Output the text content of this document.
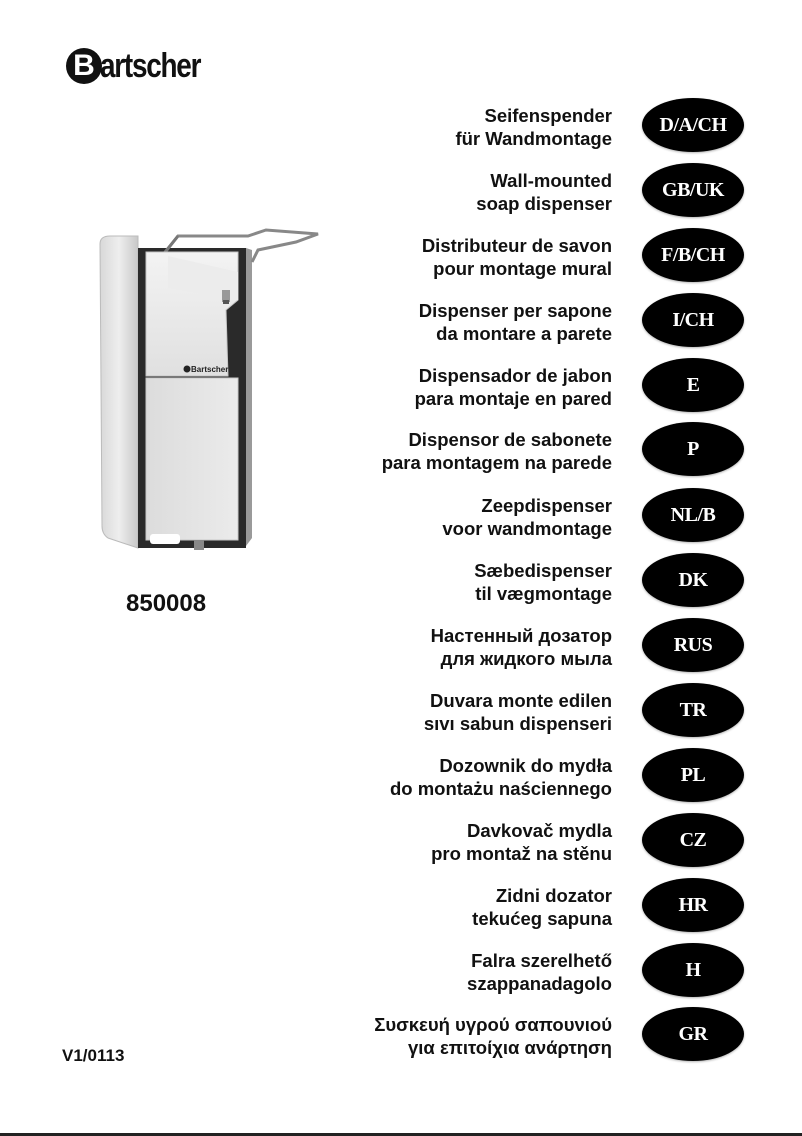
B artscher
Bartscher
850008
Seifenspender
für Wandmontage
D/A/CH
Wall-mounted
soap dispenser
GB/UK
Distributeur de savon
pour montage mural
F/B/CH
Dispenser per sapone
da montare a parete
I/CH
Dispensador de jabon
para montaje en pared
E
Dispensor de sabonete
para montagem na parede
P
Zeepdispenser
voor wandmontage
NL/B
Sæbedispenser
til vægmontage
DK
Настенный дозатор
для жидкого мыла
RUS
Duvara monte edilen
sıvı sabun dispenseri
TR
Dozownik do mydła
do montażu naściennego
PL
Davkovač mydla
pro montaž na stěnu
CZ
Zidni dozator
tekućeg sapuna
HR
Falra szerelhető
szappanadagolo
H
Συσκευή υγρού σαπουνιού
για επιτοίχια ανάρτηση
GR
V1/0113
